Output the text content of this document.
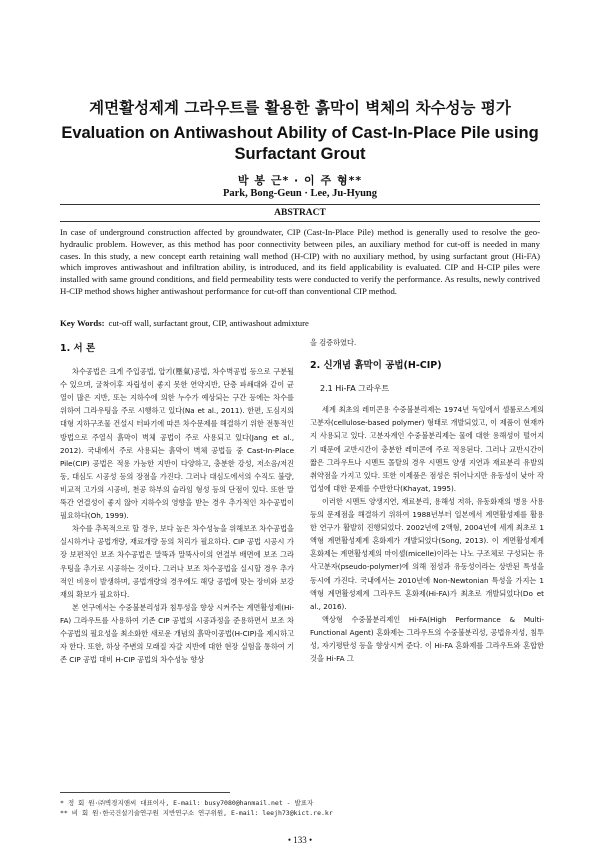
계면활성제계 그라우트를 활용한 흙막이 벽체의 차수성능 평가
Evaluation on Antiwashout Ability of Cast-In-Place Pile using Surfactant Grout
박 봉 근* · 이 주 형**
Park, Bong-Geun · Lee, Ju-Hyung
ABSTRACT
In case of underground construction affected by groundwater, CIP (Cast-In-Place Pile) method is generally used to resolve the geo-hydraulic problem. However, as this method has poor connectivity between piles, an auxiliary method for cut-off is needed in many cases. In this study, a new concept earth retaining wall method (H-CIP) with no auxiliary method, by using surfactant grout (Hi-FA) which improves antiwashout and infiltration ability, is introduced, and its field applicability is evaluated. CIP and H-CIP piles were installed with same ground conditions, and field permeability tests were conducted to verify the performance. As results, newly contrived H-CIP method shows higher antiwashout performance for cut-off than conventional CIP method.
Key Words: cut-off wall, surfactant grout, CIP, antiwashout admixture
1. 서 론

차수공법은 크게 주입공법, 압기(壓氣)공법, 차수벽공법 등으로 구분될 수 있으며, 굴착이후 자립성이 좋지 못한 연약지반, 단층 파쇄대와 같이 균열이 많은 지반, 또는 지하수에 의한 누수가 예상되는 구간 등에는 차수를 위하여 그라우팅을 주로 시행하고 있다(Na et al., 2011). 한편, 도심지의 대형 지하구조물 건설시 터파기에 따른 차수문제를 해결하기 위한 전통적인 방법으로 주열식 흙막이 벽체 공법이 주로 사용되고 있다(Jang et al., 2012). 국내에서 주로 사용되는 흙막이 벽체 공법들 중 Cast-In-Place Pile(CIP) 공법은 적용 가능한 지반이 다양하고, 충분한 강성, 저소음/저진동, 대심도 시공성 등의 장점을 가진다. 그러나 대심도에서의 수직도 불량, 비교적 고가의 시공비, 천공 하부의 슬라임 형성 등의 단점이 있다. 또한 말뚝간 연결성이 좋지 않아 지하수의 영향을 받는 경우 추가적인 차수공법이 필요하다(Oh, 1999).

차수를 추목적으로 할 경우, 보다 높은 차수성능을 위해보조 차수공법을 실시하거나 공법개량, 재료개량 등의 처리가 필요하다. CIP 공법 시공시 가장 보편적인 보조 차수공법은 말뚝과 말뚝사이의 연결부 배면에 보조 그라우팅을 추가로 시공하는 것이다. 그러나 보조 차수공법을 실시할 경우 추가적인 비용이 발생하며, 공법개량의 경우에도 해당 공법에 맞는 장비와 보강재의 확보가 필요하다.

본 연구에서는 수중불분리성과 침투성을 향상 시켜주는 계면활성제(Hi-FA) 그라우트를 사용하여 기존 CIP 공법의 시공과정을 준용하면서 보조 차수공법의 필요성을 최소화한 새로운 개념의 흙막이공법(H-CIP)을 제시하고자 한다. 또한, 하상 주변의 모래질 자갈 지반에 대한 현장 실험을 통하여 기존 CIP 공법 대비 H-CIP 공법의 차수성능 향상

을 검증하였다.

2. 신개념 흙막이 공법(H-CIP)
2.1 Hi-FA 그라우트

세계 최초의 레미콘용 수중불분리제는 1974년 독일에서 셀룰로스계의 고분자(cellulose-based polymer) 형태로 개발되었고, 이 제품이 현재까지 사용되고 있다. 고분자계인 수중불분리제는 물에 대한 용해성이 떨어지기 때문에 교반시간이 충분한 레미콘에 주로 적용된다. 그러나 교반시간이 짧은 그라우트나 시멘트 몰탈의 경우 시멘트 양생 지연과 재료분리 유발의 취약점을 가지고 있다. 또한 이제품은 점성은 뛰어나지만 유동성이 낮아 작업성에 대한 문제를 수반한다(Khayat, 1995).

이러한 시멘트 양생지연, 재료분리, 용해성 저하, 유동화재의 병용 사용 등의 문제점을 해결하기 위하여 1988년부터 일본에서 계면활성제를 활용한 연구가 활발히 진행되었다. 2002년에 2액형, 2004년에 세계 최초로 1액형 계면활성제계 혼화제가 개발되었다(Song, 2013). 이 계면활성제계 혼화제는 계면활성제의 마이셀(micelle)이라는 나노 구조체로 구성되는 유사고분자(pseudo-polymer)에 의해 점성과 유동성이라는 상반된 특성을 동시에 가진다. 국내에서는 2010년에 Non-Newtonian 특성을 가지는 1액형 계면활성제계 그라우트 혼화제(Hi-FA)가 최초로 개발되었다(Do et al., 2016).

액상형 수중불분리제인 Hi-FA(High Performance & Multi-Functional Agent) 혼화제는 그라우트의 수중불분리성, 공법유지성, 침투성, 자기평탄성 등을 향상시켜 준다. 이 Hi-FA 혼화제를 그라우트와 혼합한 것을 Hi-FA 그

* 정 회 원·㈜벽경지앤씨 대표이사, E-mail: busy7080@hanmail.net - 발표자
** 비 회 원·한국건설기술연구원 지반연구소 연구위원, E-mail: leejh73@kict.re.kr
• 133 •
